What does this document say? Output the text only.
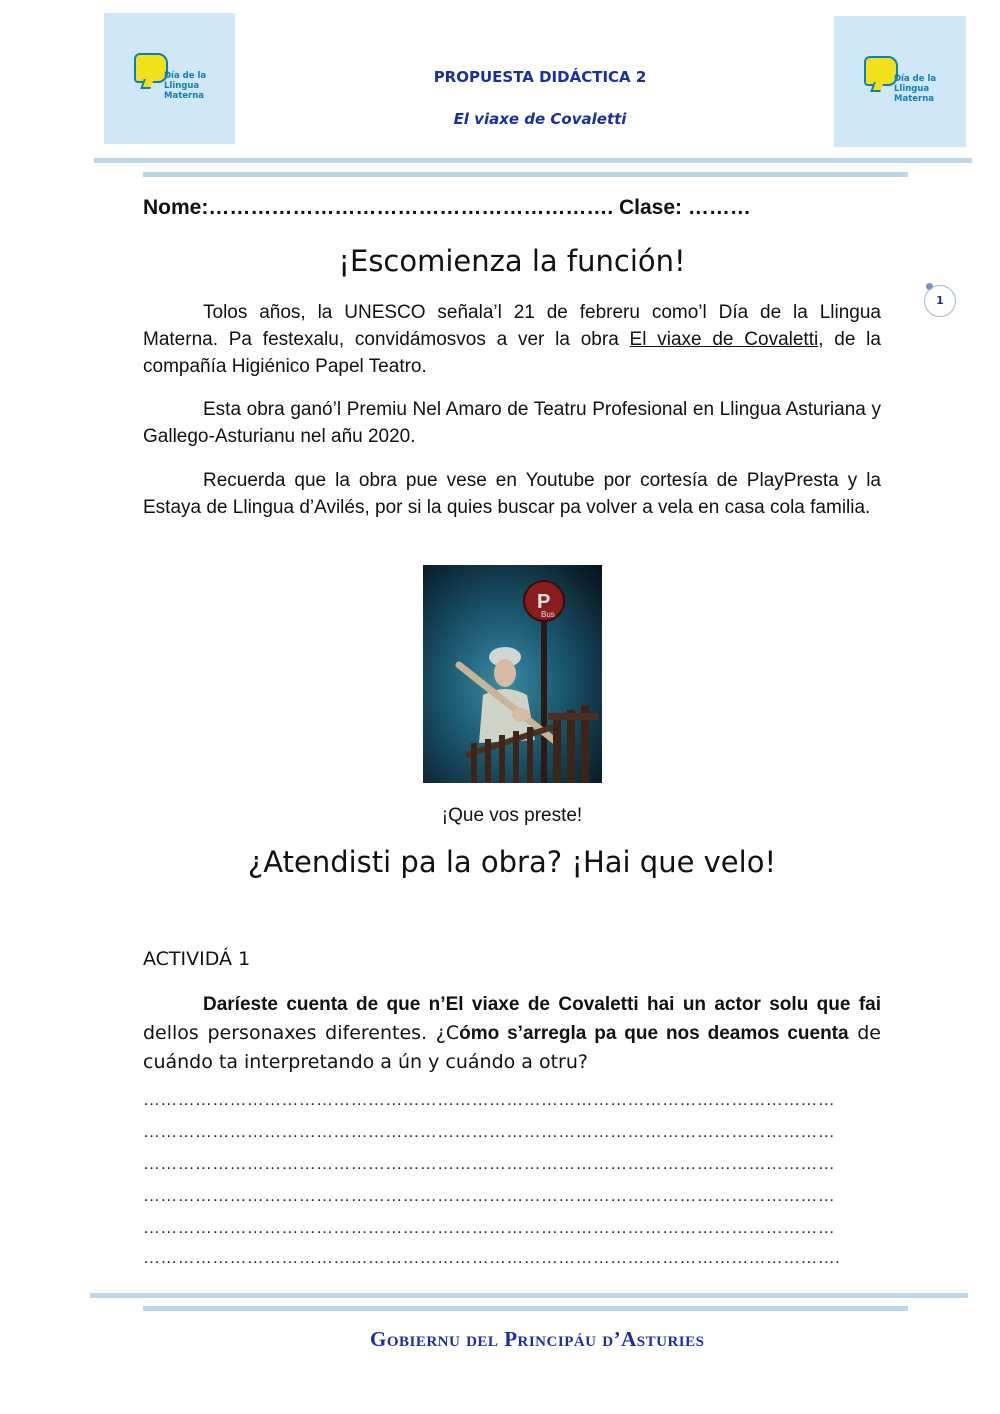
Día de la
Llingua
Materna
Día de la
Llingua
Materna
PROPUESTA DIDÁCTICA 2
El viaxe de Covaletti
1
Nome:…………………………………………………. Clase: ………
¡Escomienza la función!
Tolos años, la UNESCO señala’l 21 de febreru como’l Día de la Llingua Materna. Pa festexalu, convidámosvos a ver la obra El viaxe de Covaletti, de la compañía Higiénico Papel Teatro.
Esta obra ganó’l Premiu Nel Amaro de Teatru Profesional en Llingua Asturiana y Gallego-Asturianu nel añu 2020.
Recuerda que la obra pue vese en Youtube por cortesía de PlayPresta y la Estaya de Llingua d’Avilés, por si la quies buscar pa volver a vela en casa cola familia.
P
Bus
¡Que vos preste!
¿Atendisti pa la obra? ¡Hai que velo!
ACTIVIDÁ 1
Daríeste cuenta de que n’El viaxe de Covaletti hai un actor solu que fai dellos personaxes diferentes. ¿Cómo s’arregla pa que nos deamos cuenta de cuándo ta interpretando a ún y cuándo a otru?
…………………………………………………………………………………………………………
…………………………………………………………………………………………………………
…………………………………………………………………………………………………………
…………………………………………………………………………………………………………
…………………………………………………………………………………………………………
………………………………………………………………………………………………………….
Gobiernu del Principáu d’Asturies
